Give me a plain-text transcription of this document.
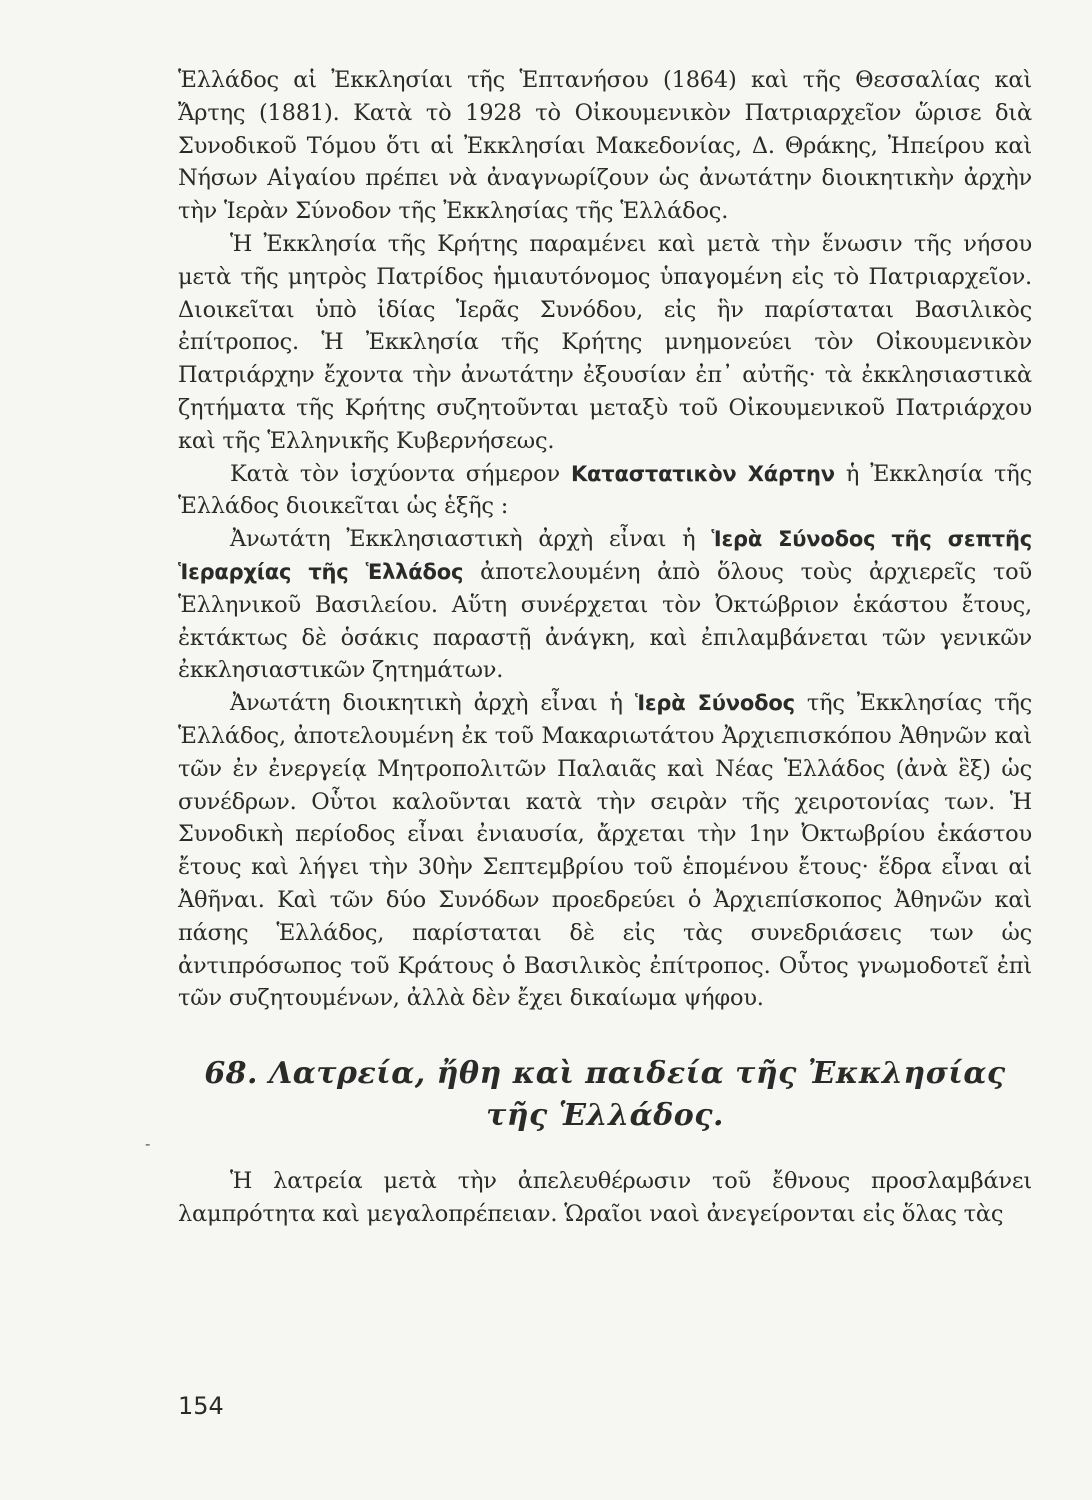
Ἑλλάδος αἱ Ἐκκλησίαι τῆς Ἑπτανήσου (1864) καὶ τῆς Θεσσαλίας καὶ Ἄρτης (1881). Κατὰ τὸ 1928 τὸ Οἰκουμενικὸν Πατριαρχεῖον ὥρισε διὰ Συνοδικοῦ Τόμου ὅτι αἱ Ἐκκλησίαι Μακεδονίας, Δ. Θράκης, Ἠπείρου καὶ Νήσων Αἰγαίου πρέπει νὰ ἀναγνωρίζουν ὡς ἀνωτάτην διοικητικὴν ἀρχὴν τὴν Ἱερὰν Σύνοδον τῆς Ἐκκλησίας τῆς Ἑλλάδος.

Ἡ Ἐκκλησία τῆς Κρήτης παραμένει καὶ μετὰ τὴν ἕνωσιν τῆς νήσου μετὰ τῆς μητρὸς Πατρίδος ἡμιαυτόνομος ὑπαγομένη εἰς τὸ Πατριαρχεῖον. Διοικεῖται ὑπὸ ἰδίας Ἱερᾶς Συνόδου, εἰς ἣν παρίσταται Βασιλικὸς ἐπίτροπος. Ἡ Ἐκκλησία τῆς Κρήτης μνημονεύει τὸν Οἰκουμενικὸν Πατριάρχην ἔχοντα τὴν ἀνωτάτην ἐξουσίαν ἐπ᾿ αὐτῆς· τὰ ἐκκλησιαστικὰ ζητήματα τῆς Κρήτης συζητοῦνται μεταξὺ τοῦ Οἰκουμενικοῦ Πατριάρχου καὶ τῆς Ἑλληνικῆς Κυβερνήσεως.

Κατὰ τὸν ἰσχύοντα σήμερον Καταστατικὸν Χάρτην ἡ Ἐκκλησία τῆς Ἑλλάδος διοικεῖται ὡς ἑξῆς :

Ἀνωτάτη Ἐκκλησιαστικὴ ἀρχὴ εἶναι ἡ Ἱερὰ Σύνοδος τῆς σεπτῆς Ἱεραρχίας τῆς Ἑλλάδος ἀποτελουμένη ἀπὸ ὅλους τοὺς ἀρχιερεῖς τοῦ Ἑλληνικοῦ Βασιλείου. Αὕτη συνέρχεται τὸν Ὀκτώβριον ἑκάστου ἔτους, ἐκτάκτως δὲ ὁσάκις παραστῇ ἀνάγκη, καὶ ἐπιλαμβάνεται τῶν γενικῶν ἐκκλησιαστικῶν ζητημάτων.

Ἀνωτάτη διοικητικὴ ἀρχὴ εἶναι ἡ Ἱερὰ Σύνοδος τῆς Ἐκκλησίας τῆς Ἑλλάδος, ἀποτελουμένη ἐκ τοῦ Μακαριωτάτου Ἀρχιεπισκόπου Ἀθηνῶν καὶ τῶν ἐν ἐνεργείᾳ Μητροπολιτῶν Παλαιᾶς καὶ Νέας Ἑλλάδος (ἀνὰ ἓξ) ὡς συνέδρων. Οὗτοι καλοῦνται κατὰ τὴν σειρὰν τῆς χειροτονίας των. Ἡ Συνοδικὴ περίοδος εἶναι ἐνιαυσία, ἄρχεται τὴν 1ην Ὀκτωβρίου ἑκάστου ἔτους καὶ λήγει τὴν 30ὴν Σεπτεμβρίου τοῦ ἑπομένου ἔτους· ἕδρα εἶναι αἱ Ἀθῆναι. Καὶ τῶν δύο Συνόδων προεδρεύει ὁ Ἀρχιεπίσκοπος Ἀθηνῶν καὶ πάσης Ἑλλάδος, παρίσταται δὲ εἰς τὰς συνεδριάσεις των ὡς ἀντιπρόσωπος τοῦ Κράτους ὁ Βασιλικὸς ἐπίτροπος. Οὗτος γνωμοδοτεῖ ἐπὶ τῶν συζητουμένων, ἀλλὰ δὲν ἔχει δικαίωμα ψήφου.

68. Λατρεία, ἤθη καὶ παιδεία τῆς Ἐκκλησίας
τῆς Ἑλλάδος.

Ἡ λατρεία μετὰ τὴν ἀπελευθέρωσιν τοῦ ἔθνους προσλαμβάνει λαμπρότητα καὶ μεγαλοπρέπειαν. Ὡραῖοι ναοὶ ἀνεγείρονται εἰς ὅλας τὰς

-
154
